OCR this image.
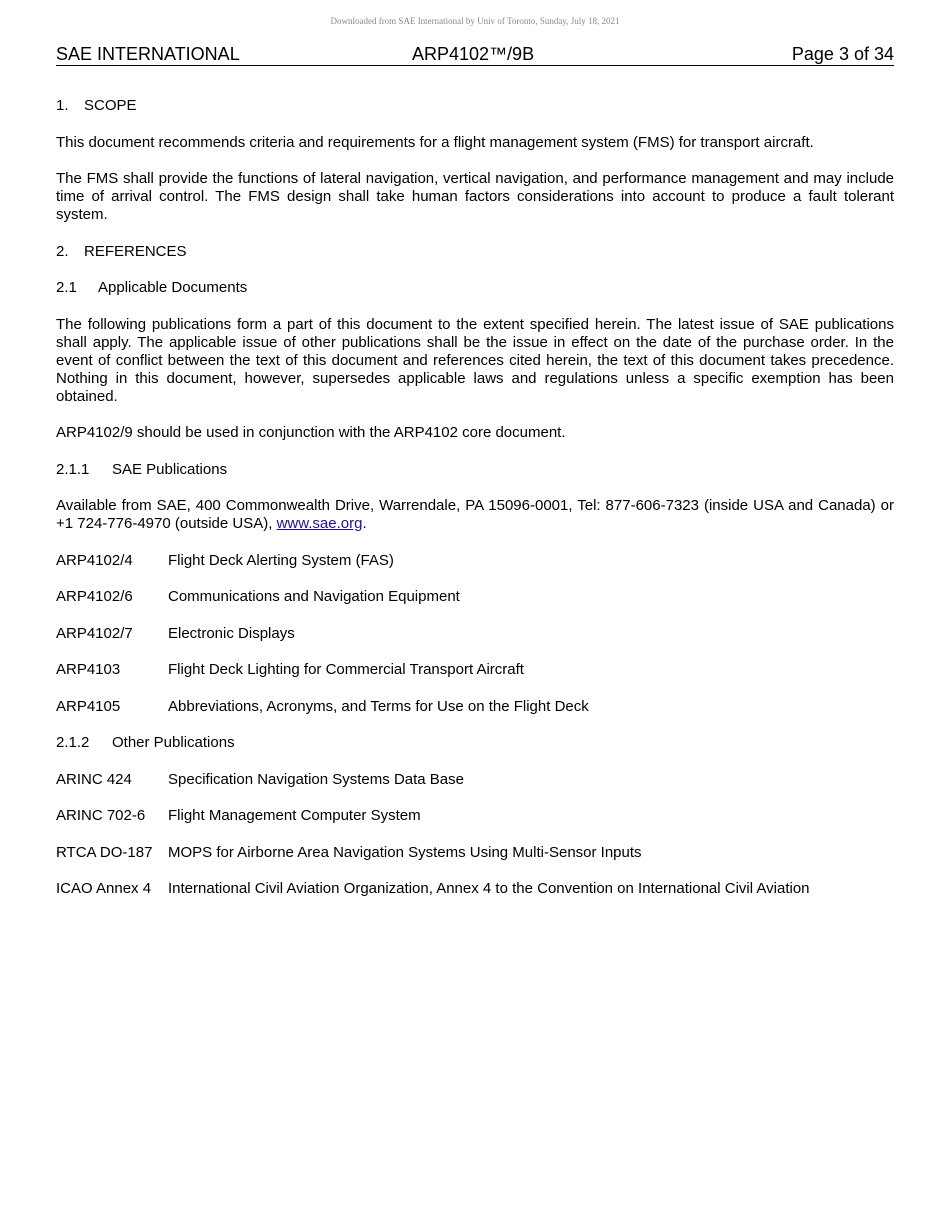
Downloaded from SAE International by Univ of Toronto, Sunday, July 18, 2021
SAE INTERNATIONAL	ARP4102™/9B	Page 3 of 34

1. SCOPE

This document recommends criteria and requirements for a flight management system (FMS) for transport aircraft.

The FMS shall provide the functions of lateral navigation, vertical navigation, and performance management and may include time of arrival control. The FMS design shall take human factors considerations into account to produce a fault tolerant system.

2. REFERENCES

2.1 Applicable Documents

The following publications form a part of this document to the extent specified herein. The latest issue of SAE publications shall apply. The applicable issue of other publications shall be the issue in effect on the date of the purchase order. In the event of conflict between the text of this document and references cited herein, the text of this document takes precedence. Nothing in this document, however, supersedes applicable laws and regulations unless a specific exemption has been obtained.

ARP4102/9 should be used in conjunction with the ARP4102 core document.

2.1.1 SAE Publications

Available from SAE, 400 Commonwealth Drive, Warrendale, PA 15096-0001, Tel: 877-606-7323 (inside USA and Canada) or +1 724-776-4970 (outside USA), www.sae.org.

ARP4102/4 Flight Deck Alerting System (FAS)
ARP4102/6 Communications and Navigation Equipment
ARP4102/7 Electronic Displays
ARP4103	Flight Deck Lighting for Commercial Transport Aircraft
ARP4105	Abbreviations, Acronyms, and Terms for Use on the Flight Deck

2.1.2 Other Publications

ARINC 424 Specification Navigation Systems Data Base
ARINC 702-6 Flight Management Computer System
RTCA DO-187 MOPS for Airborne Area Navigation Systems Using Multi-Sensor Inputs
ICAO Annex 4 International Civil Aviation Organization, Annex 4 to the Convention on International Civil Aviation
